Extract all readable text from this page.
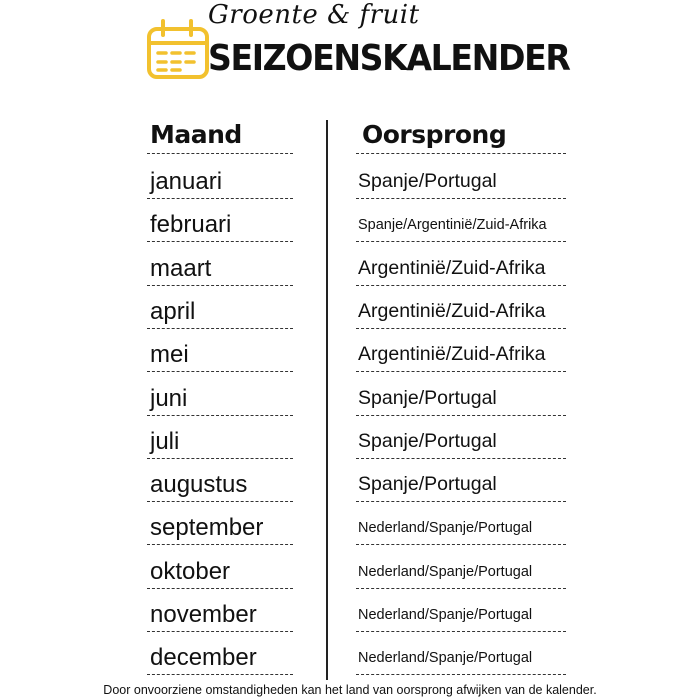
Groente & fruit
SEIZOENSKALENDER
Maand	Oorsprong
januari	Spanje/Portugal
februari	Spanje/Argentinië/Zuid-Afrika
maart	Argentinië/Zuid-Afrika
april	Argentinië/Zuid-Afrika
mei	Argentinië/Zuid-Afrika
juni	Spanje/Portugal
juli	Spanje/Portugal
augustus	Spanje/Portugal
september	Nederland/Spanje/Portugal
oktober	Nederland/Spanje/Portugal
november	Nederland/Spanje/Portugal
december	Nederland/Spanje/Portugal
Door onvoorziene omstandigheden kan het land van oorsprong afwijken van de kalender.
